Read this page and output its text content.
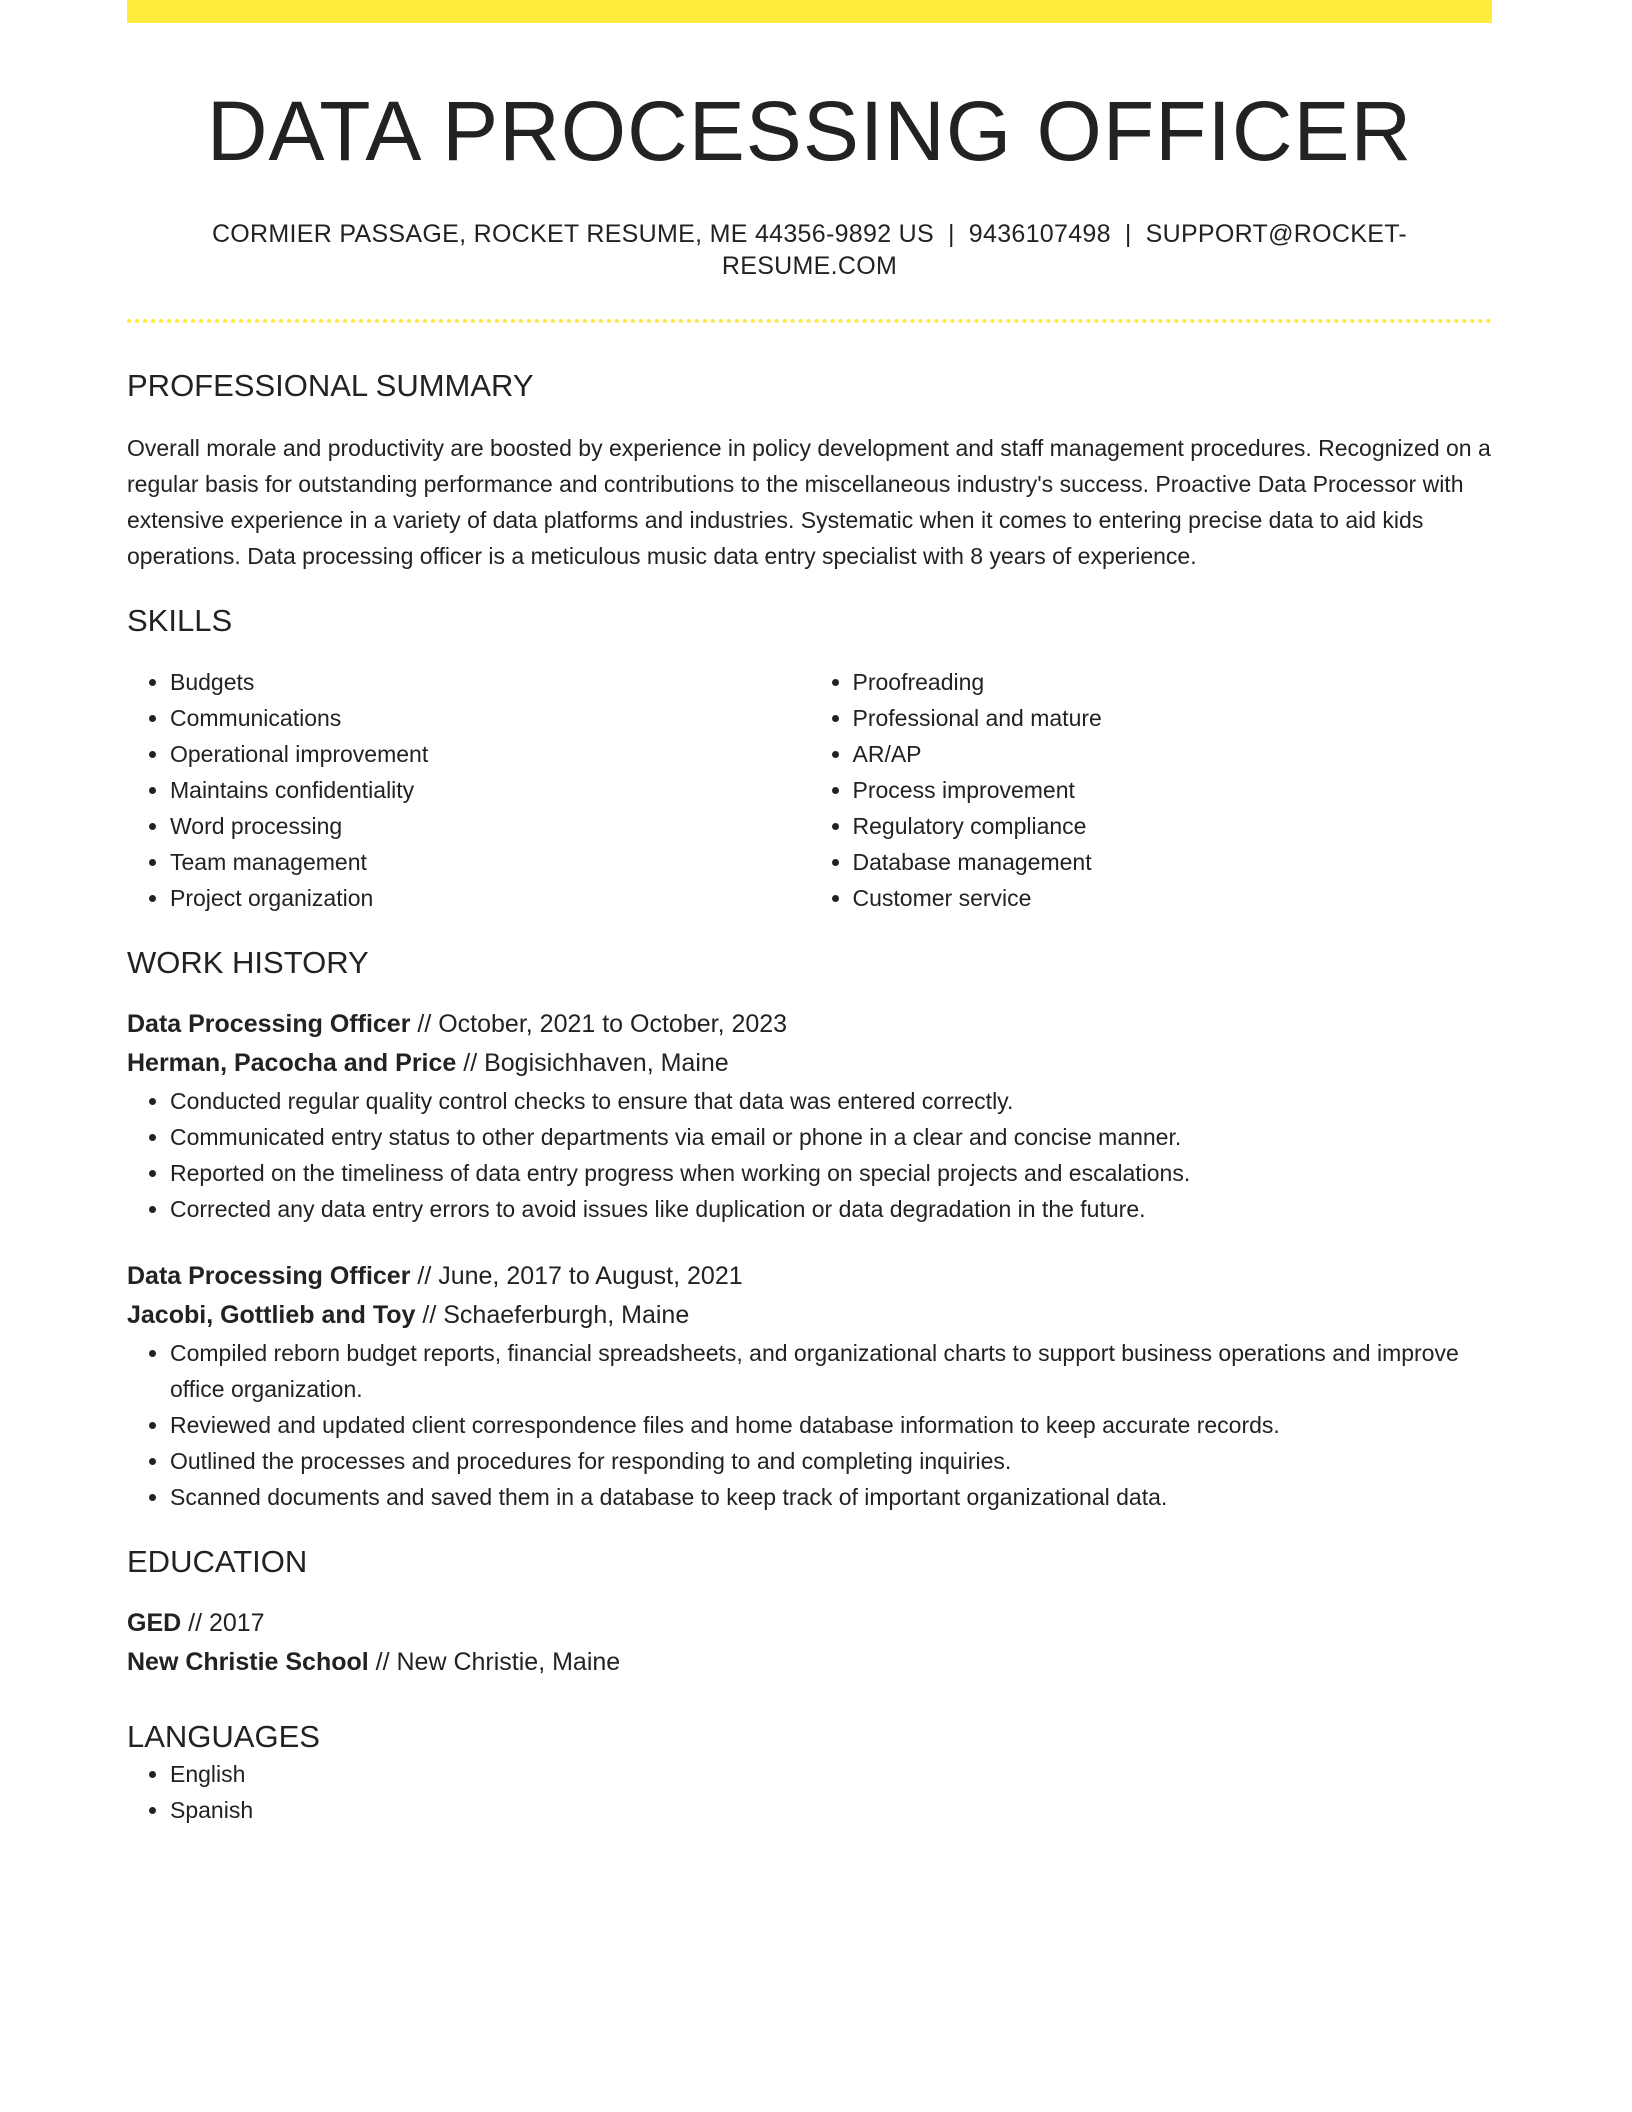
DATA PROCESSING OFFICER
CORMIER PASSAGE, ROCKET RESUME, ME 44356-9892 US | 9436107498 | SUPPORT@ROCKET-RESUME.COM
PROFESSIONAL SUMMARY
Overall morale and productivity are boosted by experience in policy development and staff management procedures. Recognized on a regular basis for outstanding performance and contributions to the miscellaneous industry's success. Proactive Data Processor with extensive experience in a variety of data platforms and industries. Systematic when it comes to entering precise data to aid kids operations. Data processing officer is a meticulous music data entry specialist with 8 years of experience.
SKILLS
• Budgets
• Communications
• Operational improvement
• Maintains confidentiality
• Word processing
• Team management
• Project organization
• Proofreading
• Professional and mature
• AR/AP
• Process improvement
• Regulatory compliance
• Database management
• Customer service
WORK HISTORY
Data Processing Officer // October, 2021 to October, 2023
Herman, Pacocha and Price // Bogisichhaven, Maine
• Conducted regular quality control checks to ensure that data was entered correctly.
• Communicated entry status to other departments via email or phone in a clear and concise manner.
• Reported on the timeliness of data entry progress when working on special projects and escalations.
• Corrected any data entry errors to avoid issues like duplication or data degradation in the future.
Data Processing Officer // June, 2017 to August, 2021
Jacobi, Gottlieb and Toy // Schaeferburgh, Maine
• Compiled reborn budget reports, financial spreadsheets, and organizational charts to support business operations and improve office organization.
• Reviewed and updated client correspondence files and home database information to keep accurate records.
• Outlined the processes and procedures for responding to and completing inquiries.
• Scanned documents and saved them in a database to keep track of important organizational data.
EDUCATION
GED // 2017
New Christie School // New Christie, Maine
LANGUAGES
• English
• Spanish
